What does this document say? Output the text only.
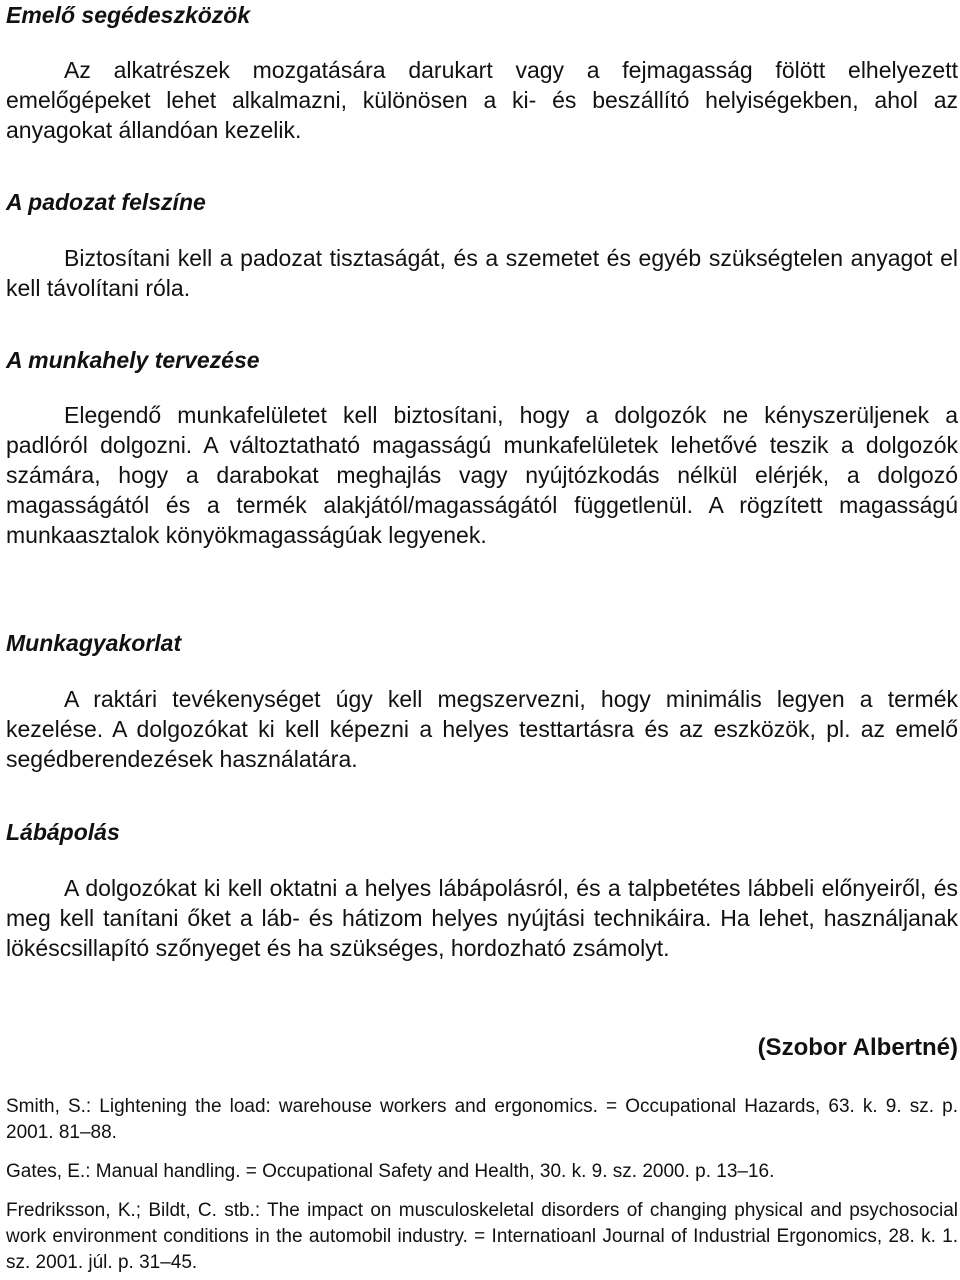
Emelő segédeszközök

Az alkatrészek mozgatására darukart vagy a fejmagasság fölött elhelyezett emelőgépeket lehet alkalmazni, különösen a ki- és beszállító helyiségekben, ahol az anyagokat állandóan kezelik.

A padozat felszíne

Biztosítani kell a padozat tisztaságát, és a szemetet és egyéb szükségtelen anyagot el kell távolítani róla.

A munkahely tervezése

Elegendő munkafelületet kell biztosítani, hogy a dolgozók ne kényszerüljenek a padlóról dolgozni. A változtatható magasságú munkafelületek lehetővé teszik a dolgozók számára, hogy a darabokat meghajlás vagy nyújtózkodás nélkül elérjék, a dolgozó magasságától és a termék alakjától/magasságától függetlenül. A rögzített magasságú munkaasztalok könyökmagasságúak legyenek.

Munkagyakorlat

A raktári tevékenységet úgy kell megszervezni, hogy minimális legyen a termék kezelése. A dolgozókat ki kell képezni a helyes testtartásra és az eszközök, pl. az emelő segédberendezések használatára.

Lábápolás

A dolgozókat ki kell oktatni a helyes lábápolásról, és a talpbetétes lábbeli előnyeiről, és meg kell tanítani őket a láb- és hátizom helyes nyújtási technikáira. Ha lehet, használjanak lökéscsillapító szőnyeget és ha szükséges, hordozható zsámolyt.

(Szobor Albertné)

Smith, S.: Lightening the load: warehouse workers and ergonomics. = Occupational Hazards, 63. k. 9. sz. p. 2001. 81–88.

Gates, E.: Manual handling. = Occupational Safety and Health, 30. k. 9. sz. 2000. p. 13–16.

Fredriksson, K.; Bildt, C. stb.: The impact on musculoskeletal disorders of changing physical and psychosocial work environment conditions in the automobil industry. = Internatioanl Journal of Industrial Ergonomics, 28. k. 1. sz. 2001. júl. p. 31–45.
